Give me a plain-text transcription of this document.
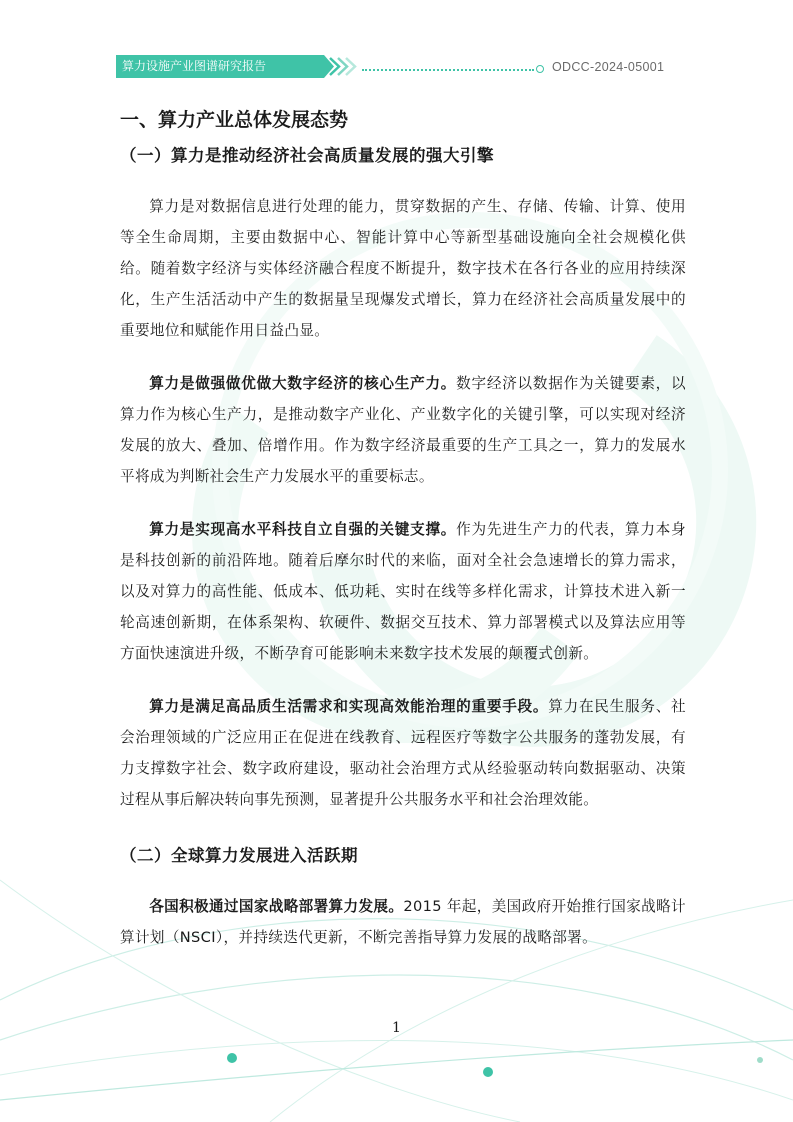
算力设施产业图谱研究报告	ODCC-2024-05001
一、算力产业总体发展态势
（一）算力是推动经济社会高质量发展的强大引擎

算力是对数据信息进行处理的能力，贯穿数据的产生、存储、传输、计算、使用等全生命周期，主要由数据中心、智能计算中心等新型基础设施向全社会规模化供给。随着数字经济与实体经济融合程度不断提升，数字技术在各行各业的应用持续深化，生产生活活动中产生的数据量呈现爆发式增长，算力在经济社会高质量发展中的重要地位和赋能作用日益凸显。

算力是做强做优做大数字经济的核心生产力。数字经济以数据作为关键要素，以算力作为核心生产力，是推动数字产业化、产业数字化的关键引擎，可以实现对经济发展的放大、叠加、倍增作用。作为数字经济最重要的生产工具之一，算力的发展水平将成为判断社会生产力发展水平的重要标志。

算力是实现高水平科技自立自强的关键支撑。作为先进生产力的代表，算力本身是科技创新的前沿阵地。随着后摩尔时代的来临，面对全社会急速增长的算力需求，以及对算力的高性能、低成本、低功耗、实时在线等多样化需求，计算技术进入新一轮高速创新期，在体系架构、软硬件、数据交互技术、算力部署模式以及算法应用等方面快速演进升级，不断孕育可能影响未来数字技术发展的颠覆式创新。

算力是满足高品质生活需求和实现高效能治理的重要手段。算力在民生服务、社会治理领域的广泛应用正在促进在线教育、远程医疗等数字公共服务的蓬勃发展，有力支撑数字社会、数字政府建设，驱动社会治理方式从经验驱动转向数据驱动、决策过程从事后解决转向事先预测，显著提升公共服务水平和社会治理效能。

（二）全球算力发展进入活跃期

各国积极通过国家战略部署算力发展。2015 年起，美国政府开始推行国家战略计算计划（NSCI），并持续迭代更新，不断完善指导算力发展的战略部署。

1
